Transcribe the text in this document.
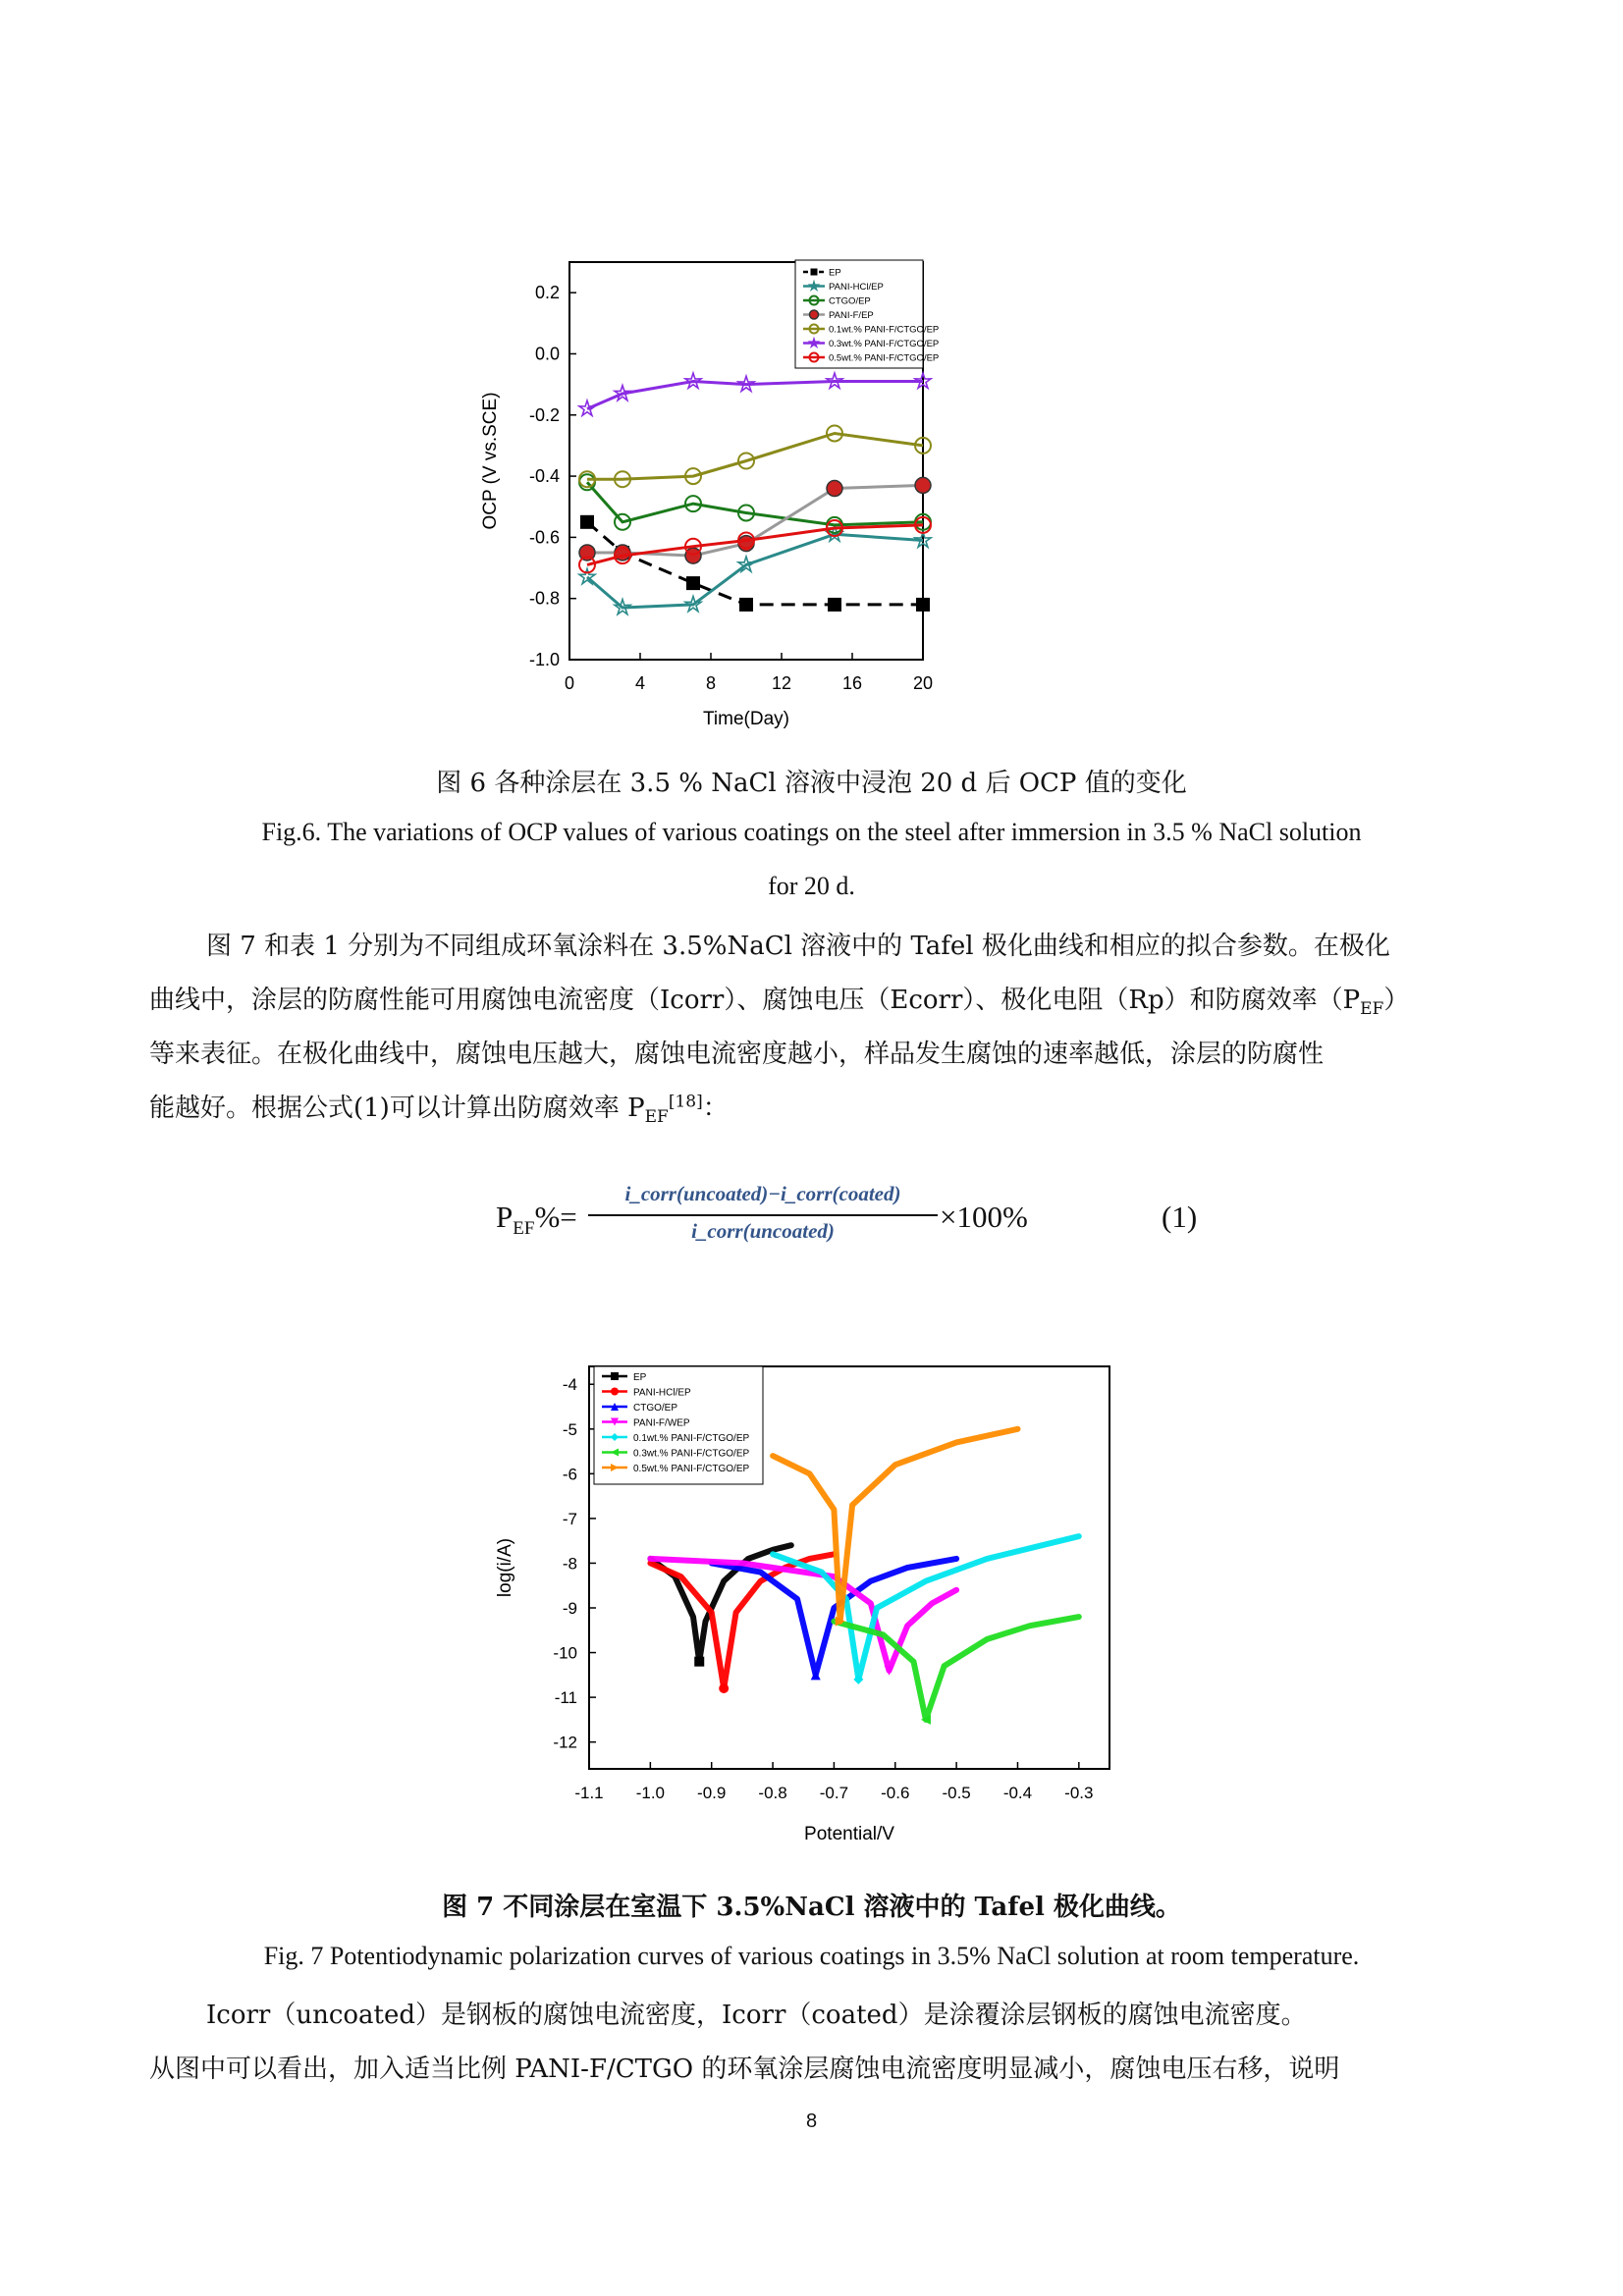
0	4	8	12	16	20
-1.0
-0.8
-0.6
-0.4
-0.2
0.0
0.2
Time(Day)
OCP (V vs.SCE)
EP
PANI-HCl/EP
CTGO/EP
PANI-F/EP
0.1wt.% PANI-F/CTGO/EP
0.3wt.% PANI-F/CTGO/EP
0.5wt.% PANI-F/CTGO/EP
图 6 各种涂层在 3.5 % NaCl 溶液中浸泡 20 d 后 OCP 值的变化
Fig.6. The variations of OCP values of various coatings on the steel after immersion in 3.5 % NaCl solution
for 20 d.
图 7 和表 1 分别为不同组成环氧涂料在 3.5%NaCl 溶液中的 Tafel 极化曲线和相应的拟合参数。在极化
曲线中，涂层的防腐性能可用腐蚀电流密度（Icorr）、腐蚀电压（Ecorr）、极化电阻（Rp）和防腐效率$(P_{EF})$
等来表征。在极化曲线中，腐蚀电压越大，腐蚀电流密度越小，样品发生腐蚀的速率越低，涂层的防腐性
能越好。根据公式(1)可以计算出防腐效率 $P_{EF}[18]$：
$P_{EF}\%=$
i_corr(uncoated)−i_corr(coated)
i_corr(uncoated)	×100%	(1)
-1.1 -1.0 -0.9 -0.8 -0.7 -0.6 -0.5 -0.4 -0.3
-4
-5
-6
-7
-8
-9
-10
-11
-12
Potential/V
log(i/A)
EP
PANI-HCl/EP
CTGO/EP
PANI-F/WEP
0.1wt.% PANI-F/CTGO/EP
0.3wt.% PANI-F/CTGO/EP
0.5wt.% PANI-F/CTGO/EP
图 7 不同涂层在室温下 3.5%NaCl 溶液中的 Tafel 极化曲线。
Fig. 7 Potentiodynamic polarization curves of various coatings in 3.5% NaCl solution at room temperature.
Icorr（uncoated）是钢板的腐蚀电流密度，Icorr（coated）是涂覆涂层钢板的腐蚀电流密度。
从图中可以看出，加入适当比例 PANI-F/CTGO 的环氧涂层腐蚀电流密度明显减小，腐蚀电压右移，说明
8
